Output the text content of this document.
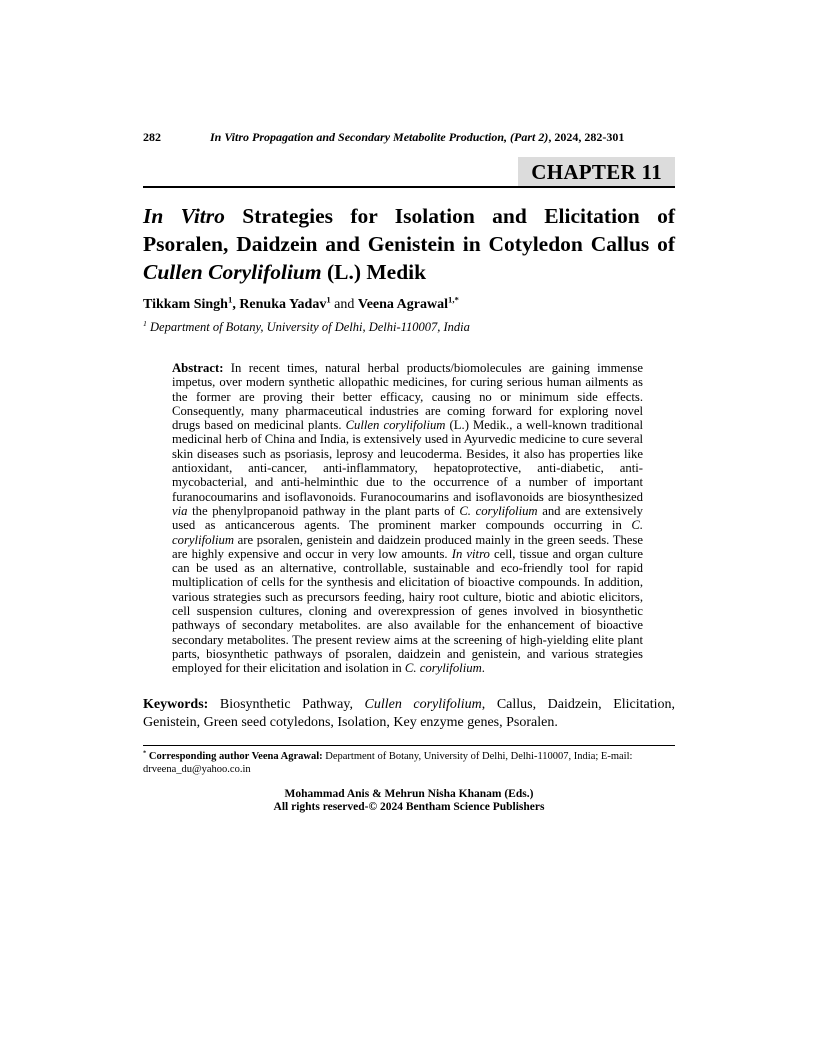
282	In Vitro Propagation and Secondary Metabolite Production, (Part 2), 2024, 282-301
CHAPTER 11
In Vitro Strategies for Isolation and Elicitation of Psoralen, Daidzein and Genistein in Cotyledon Callus of Cullen Corylifolium (L.) Medik

Tikkam Singh$^1$, Renuka Yadav$^1$ and Veena Agrawal$^{1,*}$

$^1$ Department of Botany, University of Delhi, Delhi-110007, India

Abstract: In recent times, natural herbal products/biomolecules are gaining immense impetus, over modern synthetic allopathic medicines, for curing serious human ailments as the former are proving their better efficacy, causing no or minimum side effects. Consequently, many pharmaceutical industries are coming forward for exploring novel drugs based on medicinal plants. Cullen corylifolium (L.) Medik., a well-known traditional medicinal herb of China and India, is extensively used in Ayurvedic medicine to cure several skin diseases such as psoriasis, leprosy and leucoderma. Besides, it also has properties like antioxidant, anti-cancer, anti-inflammatory, hepatoprotective, anti-diabetic, anti-mycobacterial, and anti-helminthic due to the occurrence of a number of important furanocoumarins and isoflavonoids. Furanocoumarins and isoflavonoids are biosynthesized via the phenylpropanoid pathway in the plant parts of C. corylifolium and are extensively used as anticancerous agents. The prominent marker compounds occurring in C. corylifolium are psoralen, genistein and daidzein produced mainly in the green seeds. These are highly expensive and occur in very low amounts. In vitro cell, tissue and organ culture can be used as an alternative, controllable, sustainable and eco-friendly tool for rapid multiplication of cells for the synthesis and elicitation of bioactive compounds. In addition, various strategies such as precursors feeding, hairy root culture, biotic and abiotic elicitors, cell suspension cultures, cloning and overexpression of genes involved in biosynthetic pathways of secondary metabolites. are also available for the enhancement of bioactive secondary metabolites. The present review aims at the screening of high-yielding elite plant parts, biosynthetic pathways of psoralen, daidzein and genistein, and various strategies employed for their elicitation and isolation in C. corylifolium.

Keywords: Biosynthetic Pathway, Cullen corylifolium, Callus, Daidzein, Elicitation, Genistein, Green seed cotyledons, Isolation, Key enzyme genes, Psoralen.

* Corresponding author Veena Agrawal: Department of Botany, University of Delhi, Delhi-110007, India; E-mail: drveena_du@yahoo.co.in

Mohammad Anis & Mehrun Nisha Khanam (Eds.)
All rights reserved-© 2024 Bentham Science Publishers
